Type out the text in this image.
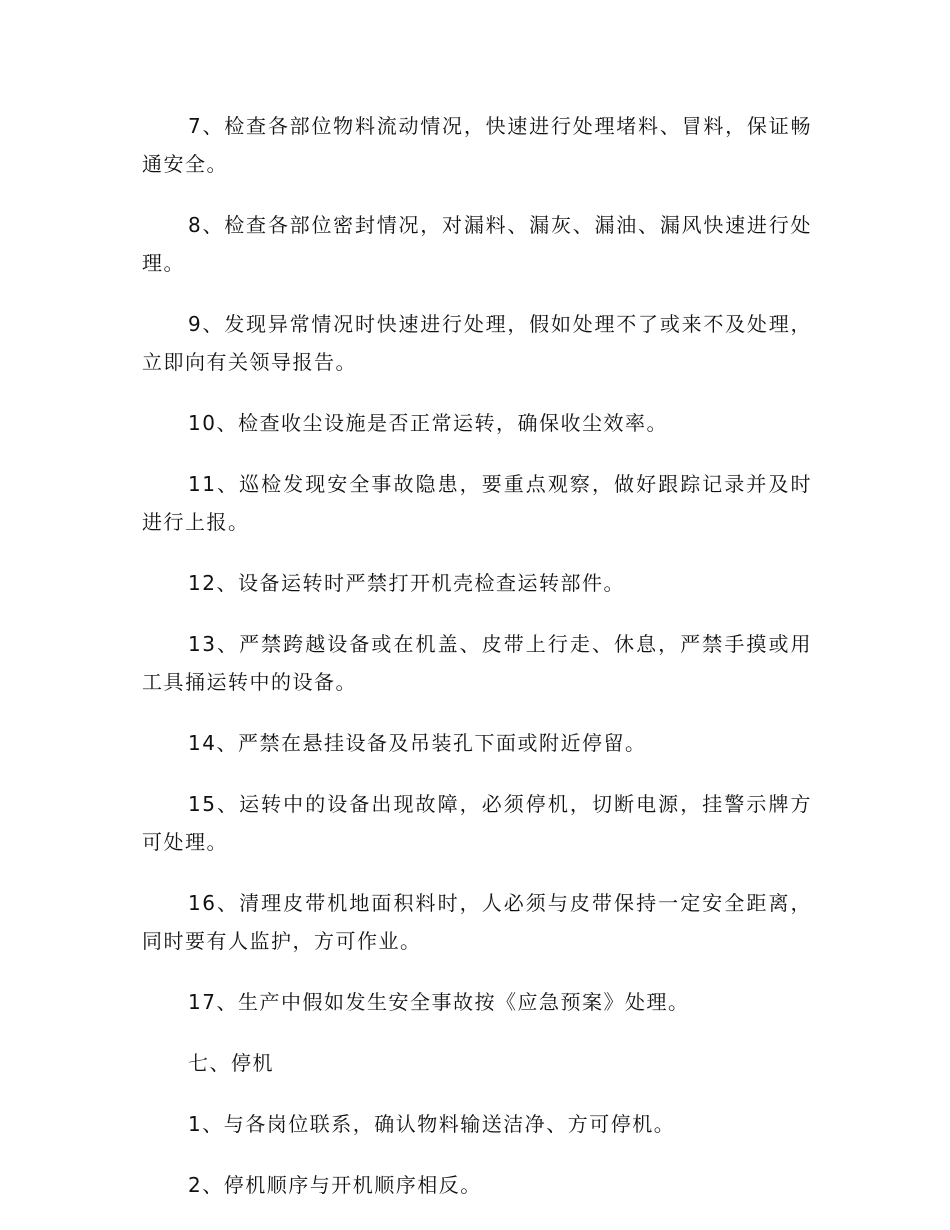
7、检查各部位物料流动情况，快速进行处理堵料、冒料，保证畅通安全。

8、检查各部位密封情况，对漏料、漏灰、漏油、漏风快速进行处理。

9、发现异常情况时快速进行处理，假如处理不了或来不及处理，立即向有关领导报告。

10、检查收尘设施是否正常运转，确保收尘效率。

11、巡检发现安全事故隐患，要重点观察，做好跟踪记录并及时进行上报。

12、设备运转时严禁打开机壳检查运转部件。

13、严禁跨越设备或在机盖、皮带上行走、休息，严禁手摸或用工具捅运转中的设备。

14、严禁在悬挂设备及吊装孔下面或附近停留。

15、运转中的设备出现故障，必须停机，切断电源，挂警示牌方可处理。

16、清理皮带机地面积料时，人必须与皮带保持一定安全距离，同时要有人监护，方可作业。

17、生产中假如发生安全事故按《应急预案》处理。

七、停机

1、与各岗位联系，确认物料输送洁净、方可停机。

2、停机顺序与开机顺序相反。
